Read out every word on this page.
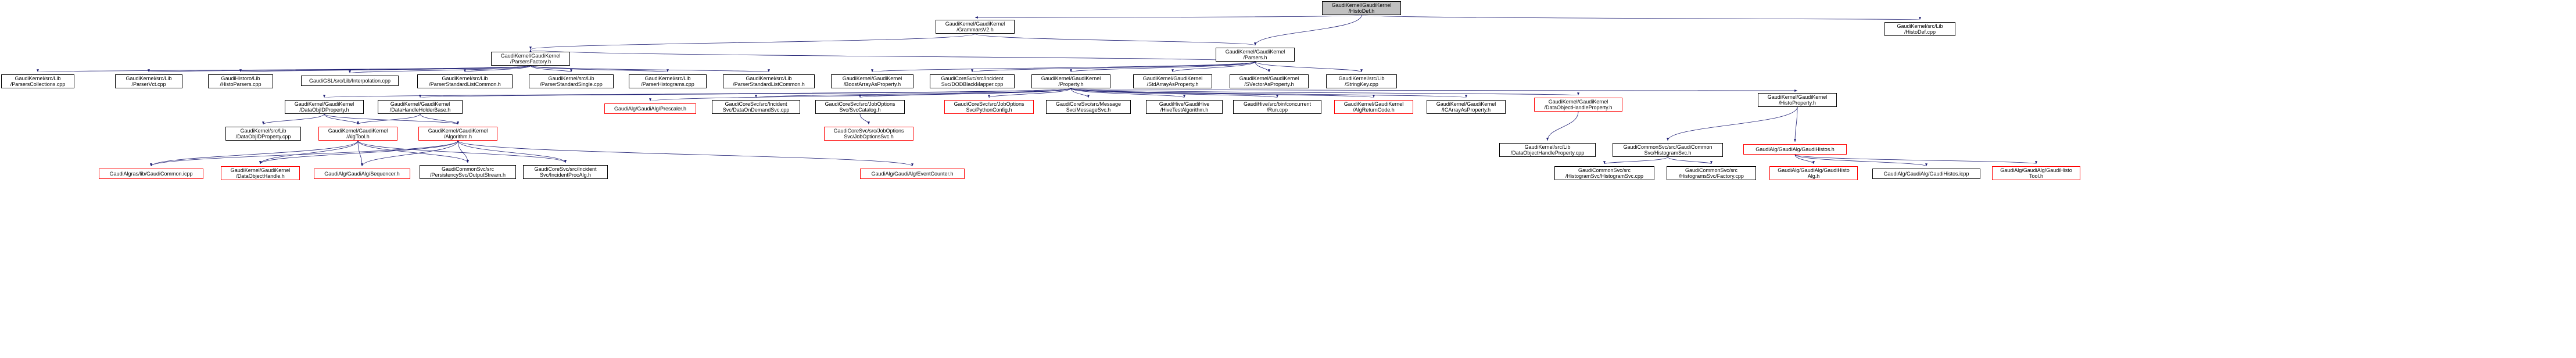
GaudiKernel/GaudiKernel
/HistoDef.h
GaudiKernel/src/Lib
/HistoDef.cpp
GaudiKernel/GaudiKernel
/GrammarsV2.h
GaudiKernel/GaudiKernel
/Parsers.h
GaudiKernel/GaudiKernel
/ParsersFactory.h
GaudiKernel/src/Lib
/ParsersCollections.cpp
GaudiKernel/src/Lib
/ParserVct.cpp
GaudiHistoro/Lib
/HistoParsers.cpp
GaudiGSL/src/Lib/Interpolation.cpp	GaudiKernel/src/Lib
/ParserStandardListCommon.h
GaudiKernel/src/Lib
/ParserStandardSingle.cpp
GaudiKernel/src/Lib
/ParserHistograms.cpp
GaudiKernel/src/Lib
/ParserStandardListCommon.h
GaudiKernel/GaudiKernel
/BoostArrayAsProperty.h
GaudiCoreSvc/src/Incident
Svc/DODBlackMapper.cpp
GaudiKernel/GaudiKernel
/Property.h
GaudiKernel/GaudiKernel
/StdArrayAsProperty.h
GaudiKernel/GaudiKernel
/SVectorAsProperty.h
GaudiKernel/src/Lib
/StringKey.cpp
GaudiAlg/GaudiAlg/Prescaler.h
GaudiKernel/GaudiKernel
/DataObjIDProperty.h
GaudiKernel/GaudiKernel
/DataHandleHolderBase.h
GaudiCoreSvc/src/Incident
Svc/DataOnDemandSvc.cpp
GaudiCoreSvc/src/JobOptions
Svc/SvcCatalog.h
GaudiCoreSvc/src/JobOptions
Svc/PythonConfig.h
GaudiCoreSvc/src/Message
Svc/MessageSvc.h
GaudiHive/GaudiHive
/HiveTestAlgorithm.h
GaudiHive/src/bin/concurrent
/Run.cpp
GaudiKernel/GaudiKernel
/AlgReturnCode.h
GaudiKernel/GaudiKernel
/ICArrayAsProperty.h
GaudiKernel/GaudiKernel
/DataObjectHandleProperty.h
GaudiKernel/GaudiKernel
/HistoProperty.h
GaudiKernel/src/Lib
/DataObjIDProperty.cpp
GaudiKernel/GaudiKernel
/AlgTool.h
GaudiKernel/GaudiKernel
/Algorithm.h
GaudiCoreSvc/src/JobOptions
Svc/JobOptionsSvc.h
GaudiKernel/src/Lib
/DataObjectHandleProperty.cpp
GaudiCommonSvc/src/GaudiCommon
Svc/HistogramSvc.h
GaudiAlg/GaudiAlg/GaudiHistos.h
GaudiAlgras/lib/GaudiCommon.icpp
GaudiKernel/GaudiKernel
/DataObjectHandle.h	GaudiAlg/GaudiAlg/Sequencer.h
GaudiCommonSvc/src
/PersistencySvc/OutputStream.h
GaudiCoreSvc/src/Incident
Svc/IncidentProcAlg.h	GaudiAlg/GaudiAlg/EventCounter.h
GaudiCommonSvc/src
/HistogramSvc/HistogramSvc.cpp
GaudiCommonSvc/src
/HistogramsSvc/Factory.cpp
GaudiAlg/GaudiAlg/GaudiHisto
Alg.h	GaudiAlg/GaudiAlg/GaudiHistos.icpp
GaudiAlg/GaudiAlg/GaudiHisto
Tool.h
